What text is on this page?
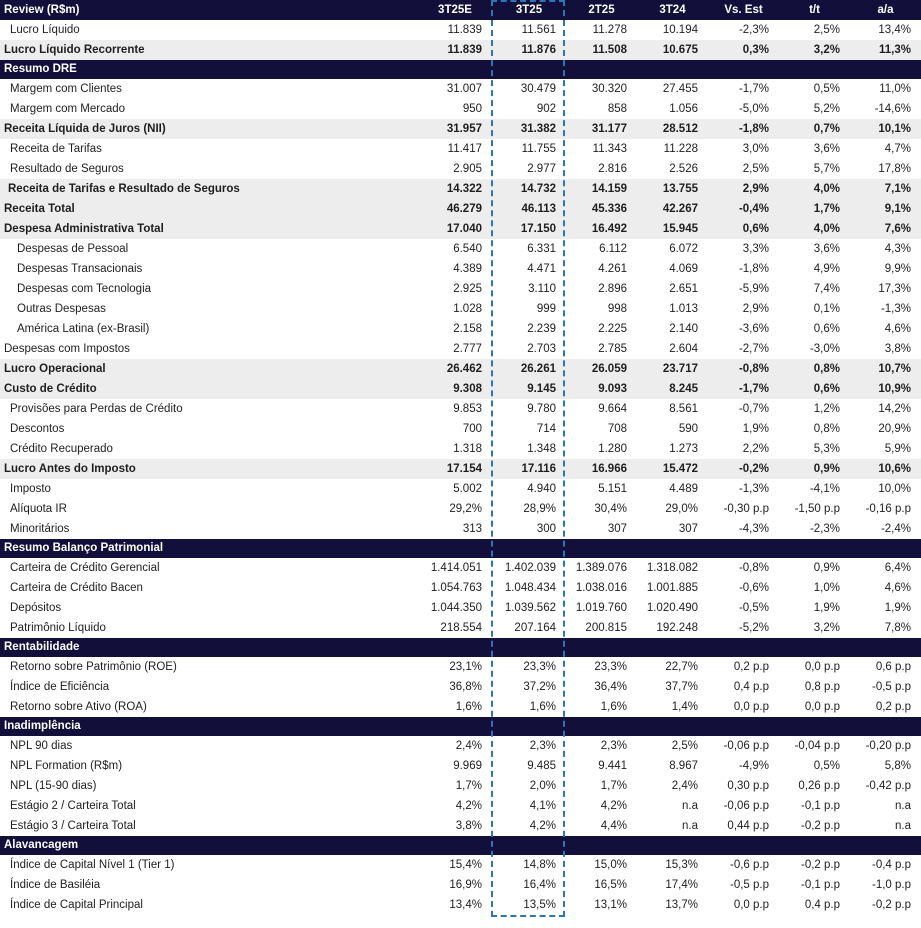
Review (R$m)	3T25E	3T25	2T25	3T24	Vs. Est	t/t	a/a
Lucro Líquido	11.839	11.561	11.278	10.194	-2,3%	2,5%	13,4%
Lucro Líquido Recorrente	11.839	11.876	11.508	10.675	0,3%	3,2%	11,3%
Resumo DRE							
Margem com Clientes	31.007	30.479	30.320	27.455	-1,7%	0,5%	11,0%
Margem com Mercado	950	902	858	1.056	-5,0%	5,2%	-14,6%
Receita Líquida de Juros (NII)	31.957	31.382	31.177	28.512	-1,8%	0,7%	10,1%
Receita de Tarifas	11.417	11.755	11.343	11.228	3,0%	3,6%	4,7%
Resultado de Seguros	2.905	2.977	2.816	2.526	2,5%	5,7%	17,8%
Receita de Tarifas e Resultado de Seguros	14.322	14.732	14.159	13.755	2,9%	4,0%	7,1%
Receita Total	46.279	46.113	45.336	42.267	-0,4%	1,7%	9,1%
Despesa Administrativa Total	17.040	17.150	16.492	15.945	0,6%	4,0%	7,6%
Despesas de Pessoal	6.540	6.331	6.112	6.072	3,3%	3,6%	4,3%
Despesas Transacionais	4.389	4.471	4.261	4.069	-1,8%	4,9%	9,9%
Despesas com Tecnologia	2.925	3.110	2.896	2.651	-5,9%	7,4%	17,3%
Outras Despesas	1.028	999	998	1.013	2,9%	0,1%	-1,3%
América Latina (ex-Brasil)	2.158	2.239	2.225	2.140	-3,6%	0,6%	4,6%
Despesas com Impostos	2.777	2.703	2.785	2.604	-2,7%	-3,0%	3,8%
Lucro Operacional	26.462	26.261	26.059	23.717	-0,8%	0,8%	10,7%
Custo de Crédito	9.308	9.145	9.093	8.245	-1,7%	0,6%	10,9%
Provisões para Perdas de Crédito	9.853	9.780	9.664	8.561	-0,7%	1,2%	14,2%
Descontos	700	714	708	590	1,9%	0,8%	20,9%
Crédito Recuperado	1.318	1.348	1.280	1.273	2,2%	5,3%	5,9%
Lucro Antes do Imposto	17.154	17.116	16.966	15.472	-0,2%	0,9%	10,6%
Imposto	5.002	4.940	5.151	4.489	-1,3%	-4,1%	10,0%
Alíquota IR	29,2%	28,9%	30,4%	29,0%	-0,30 p.p	-1,50 p.p	-0,16 p.p
Minoritários	313	300	307	307	-4,3%	-2,3%	-2,4%
Resumo Balanço Patrimonial							
Carteira de Crédito Gerencial	1.414.051	1.402.039	1.389.076	1.318.082	-0,8%	0,9%	6,4%
Carteira de Crédito Bacen	1.054.763	1.048.434	1.038.016	1.001.885	-0,6%	1,0%	4,6%
Depósitos	1.044.350	1.039.562	1.019.760	1.020.490	-0,5%	1,9%	1,9%
Patrimônio Líquido	218.554	207.164	200.815	192.248	-5,2%	3,2%	7,8%
Rentabilidade							
Retorno sobre Patrimônio (ROE)	23,1%	23,3%	23,3%	22,7%	0,2 p.p	0,0 p.p	0,6 p.p
Índice de Eficiência	36,8%	37,2%	36,4%	37,7%	0,4 p.p	0,8 p.p	-0,5 p.p
Retorno sobre Ativo (ROA)	1,6%	1,6%	1,6%	1,4%	0,0 p.p	0,0 p.p	0,2 p.p
Inadimplência							
NPL 90 dias	2,4%	2,3%	2,3%	2,5%	-0,06 p.p	-0,04 p.p	-0,20 p.p
NPL Formation (R$m)	9.969	9.485	9.441	8.967	-4,9%	0,5%	5,8%
NPL (15-90 dias)	1,7%	2,0%	1,7%	2,4%	0,30 p.p	0,26 p.p	-0,42 p.p
Estágio 2 / Carteira Total	4,2%	4,1%	4,2%	n.a	-0,06 p.p	-0,1 p.p	n.a
Estágio 3 / Carteira Total	3,8%	4,2%	4,4%	n.a	0,44 p.p	-0,2 p.p	n.a
Alavancagem							
Índice de Capital Nível 1 (Tier 1)	15,4%	14,8%	15,0%	15,3%	-0,6 p.p	-0,2 p.p	-0,4 p.p
Índice de Basiléia	16,9%	16,4%	16,5%	17,4%	-0,5 p.p	-0,1 p.p	-1,0 p.p
Índice de Capital Principal	13,4%	13,5%	13,1%	13,7%	0,0 p.p	0,4 p.p	-0,2 p.p
